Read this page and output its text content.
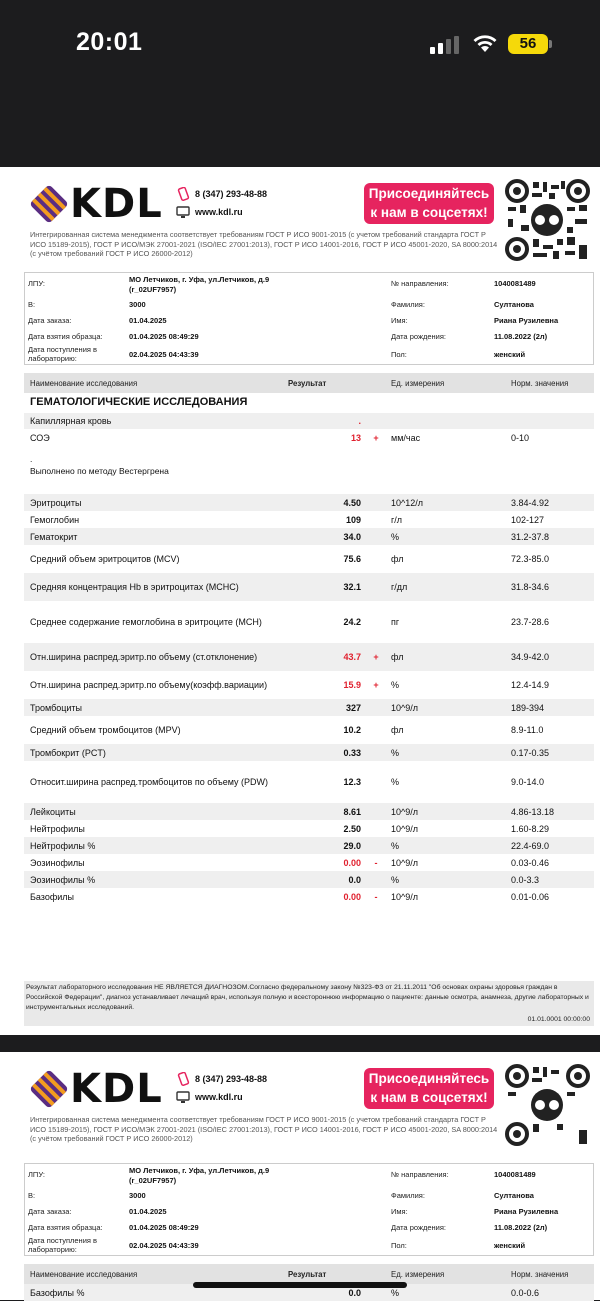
20:01	56
KDL	8 (347) 293-48-88
www.kdl.ru
Присоединяйтесь
к нам в соцсетях!
Интегрированная система менеджмента соответствует требованиям ГОСТ Р ИСО 9001-2015 (с учетом требований стандарта ГОСТ Р ИСО 15189-2015), ГОСТ Р ИСО/МЭК 27001-2021 (ISO/IEC 27001:2013), ГОСТ Р ИСО 14001-2016, ГОСТ Р ИСО 45001-2020, SA 8000:2014 (с учётом требований ГОСТ Р ИСО 26000-2012)
ЛПУ:	МО Летчиков, г. Уфа, ул.Летчиков, д.9 (r_02UF7957)
В:	3000
Дата заказа:	01.04.2025
Дата взятия образца:	01.04.2025 08:49:29
Дата поступления в лабораторию:	02.04.2025 04:43:39
№ направления:	1040081489
Фамилия:	Султанова
Имя:	Риана Рузилевна
Дата рождения:	11.08.2022 (2л)
Пол:	женский
Наименование исследования	Результат	Ед. измерения	Норм. значения
ГЕМАТОЛОГИЧЕСКИЕ ИССЛЕДОВАНИЯ
Капиллярная кровь	.
СОЭ	13	+	мм/час	0-10
.
Выполнено по методу Вестергрена
Эритроциты	4.50	10^12/л	3.84-4.92
Гемоглобин	109	г/л	102-127
Гематокрит	34.0	%	31.2-37.8
Средний объем эритроцитов (MCV)	75.6	фл	72.3-85.0
Средняя концентрация Hb в эритроцитах (MCHC)	32.1	г/дл	31.8-34.6
Среднее содержание гемоглобина в эритроците (MCH)	24.2	пг	23.7-28.6
Отн.ширина распред.эритр.по объему (ст.отклонение)	43.7	+	фл	34.9-42.0
Отн.ширина распред.эритр.по объему(коэфф.вариации)	15.9	+	%	12.4-14.9
Тромбоциты	327	10^9/л	189-394
Средний объем тромбоцитов (MPV)	10.2	фл	8.9-11.0
Тромбокрит (PCT)	0.33	%	0.17-0.35
Относит.ширина распред.тромбоцитов по объему (PDW)	12.3	%	9.0-14.0
Лейкоциты	8.61	10^9/л	4.86-13.18
Нейтрофилы	2.50	10^9/л	1.60-8.29
Нейтрофилы %	29.0	%	22.4-69.0
Эозинофилы	0.00	-	10^9/л	0.03-0.46
Эозинофилы %	0.0	%	0.0-3.3
Базофилы	0.00	-	10^9/л	0.01-0.06
Результат лабораторного исследования НЕ ЯВЛЯЕТСЯ ДИАГНОЗОМ.Согласно федеральному закону №323-ФЗ от 21.11.2011 "Об основах охраны здоровья граждан в Российской Федерации", диагноз устанавливает лечащий врач, используя полную и всестороннюю информацию о пациенте: данные осмотра, анамнеза, другие лабораторных и инструментальных исследований.
01.01.0001 00:00:00
KDL	8 (347) 293-48-88
www.kdl.ru
Присоединяйтесь
к нам в соцсетях!
Интегрированная система менеджмента соответствует требованиям ГОСТ Р ИСО 9001-2015 (с учетом требований стандарта ГОСТ Р ИСО 15189-2015), ГОСТ Р ИСО/МЭК 27001-2021 (ISO/IEC 27001:2013), ГОСТ Р ИСО 14001-2016, ГОСТ Р ИСО 45001-2020, SA 8000:2014 (с учётом требований ГОСТ Р ИСО 26000-2012)
ЛПУ:	МО Летчиков, г. Уфа, ул.Летчиков, д.9 (r_02UF7957)
В:	3000
Дата заказа:	01.04.2025
Дата взятия образца:	01.04.2025 08:49:29
Дата поступления в лабораторию:	02.04.2025 04:43:39
№ направления:	1040081489
Фамилия:	Султанова
Имя:	Риана Рузилевна
Дата рождения:	11.08.2022 (2л)
Пол:	женский
Наименование исследования	Результат	Ед. измерения	Норм. значения
Базофилы %	0.0	%	0.0-0.6
